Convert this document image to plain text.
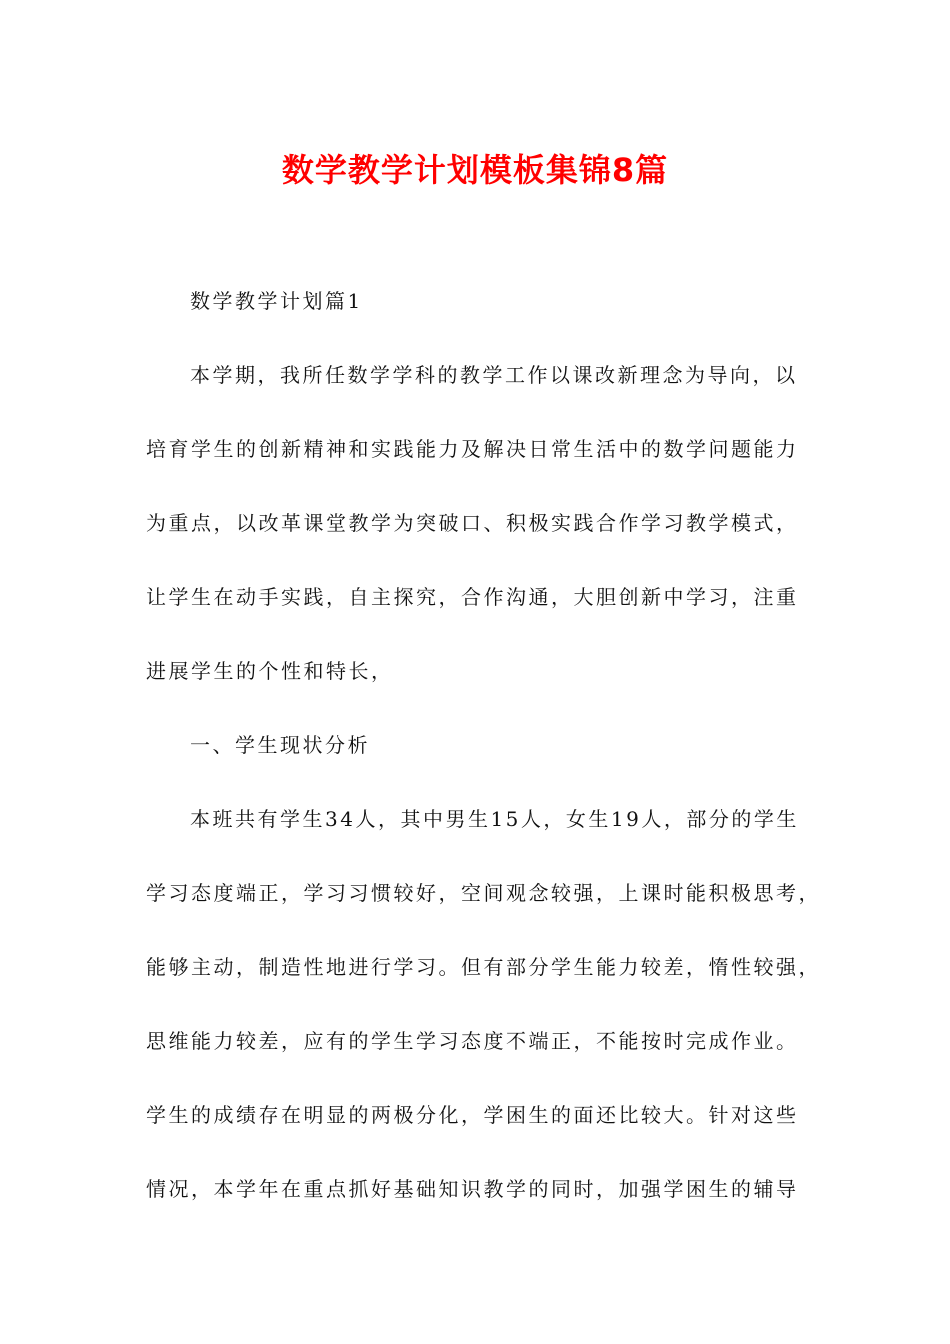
数学教学计划模板集锦8篇
数学教学计划篇1
本学期，我所任数学学科的教学工作以课改新理念为导向，以
培育学生的创新精神和实践能力及解决日常生活中的数学问题能力
为重点，以改革课堂教学为突破口、积极实践合作学习教学模式，
让学生在动手实践，自主探究，合作沟通，大胆创新中学习，注重
进展学生的个性和特长，
一、学生现状分析
本班共有学生34人，其中男生15人，女生19人，部分的学生
学习态度端正，学习习惯较好，空间观念较强，上课时能积极思考，
能够主动，制造性地进行学习。但有部分学生能力较差，惰性较强，
思维能力较差，应有的学生学习态度不端正，不能按时完成作业。
学生的成绩存在明显的两极分化，学困生的面还比较大。针对这些
情况，本学年在重点抓好基础知识教学的同时，加强学困生的辅导
